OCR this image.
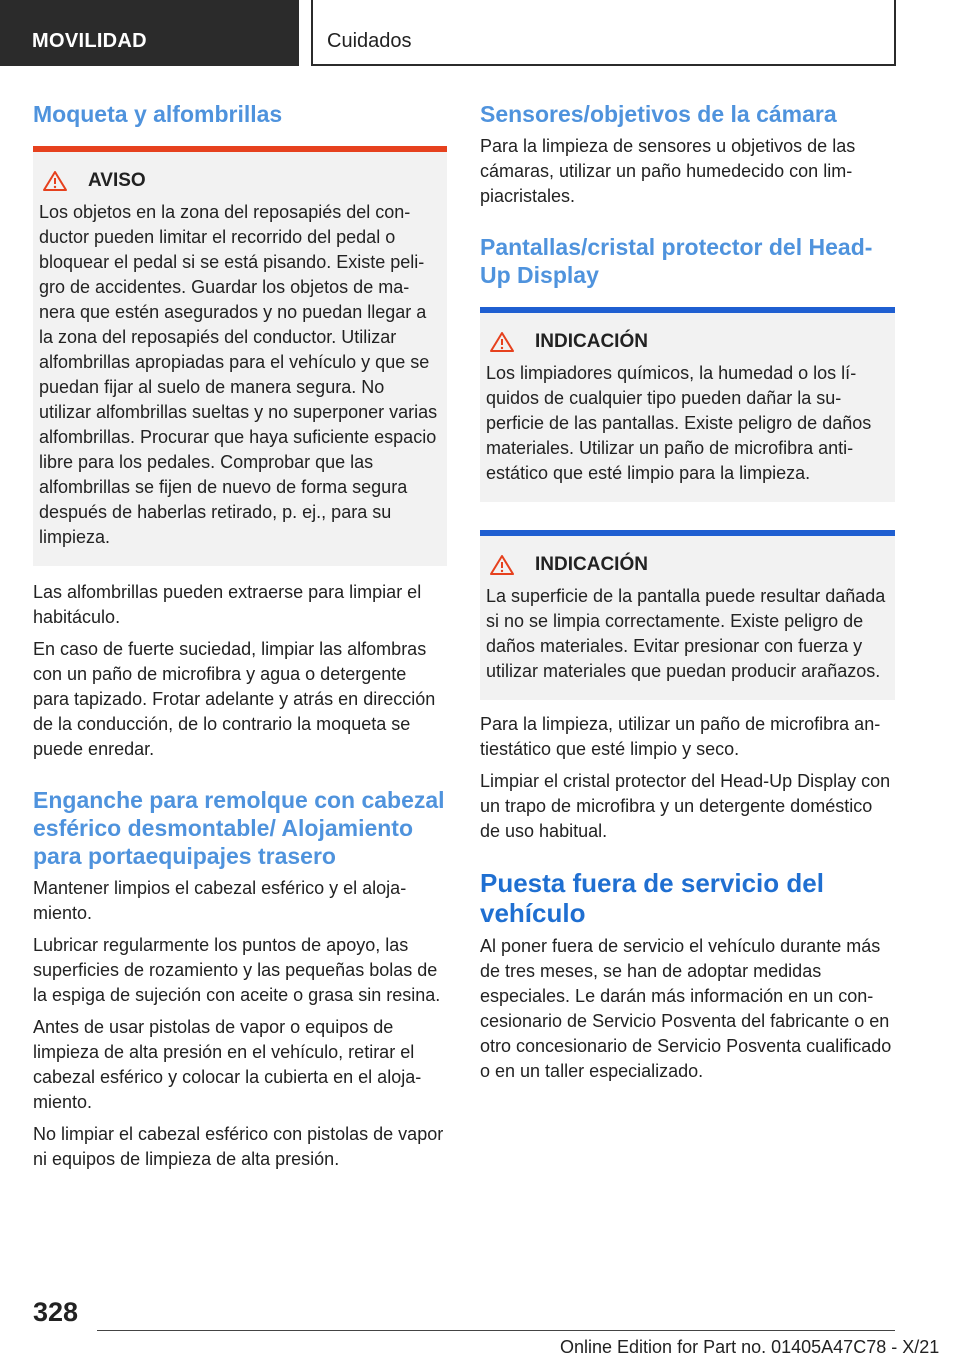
MOVILIDAD	Cuidados
Moqueta y alfombrillas
AVISO
Los objetos en la zona del reposapiés del conductor pueden limitar el recorrido del pedal o bloquear el pedal si se está pisando. Existe peligro de accidentes. Guardar los objetos de manera que estén asegurados y no puedan llegar a la zona del reposapiés del conductor. Utilizar alfombrillas apropiadas para el vehículo y que se puedan fijar al suelo de manera segura. No utilizar alfombrillas sueltas y no superponer varias alfombrillas. Procurar que haya suficiente espacio libre para los pedales. Comprobar que las alfombrillas se fijen de nuevo de forma segura después de haberlas retirado, p. ej., para su limpieza.

Las alfombrillas pueden extraerse para limpiar el habitáculo.

En caso de fuerte suciedad, limpiar las alfombras con un paño de microfibra y agua o detergente para tapizado. Frotar adelante y atrás en dirección de la conducción, de lo contrario la moqueta se puede enredar.

Enganche para remolque con cabezal esférico desmontable/ Alojamiento para portaequipajes trasero

Mantener limpios el cabezal esférico y el alojamiento.

Lubricar regularmente los puntos de apoyo, las superficies de rozamiento y las pequeñas bolas de la espiga de sujeción con aceite o grasa sin resina.

Antes de usar pistolas de vapor o equipos de limpieza de alta presión en el vehículo, retirar el cabezal esférico y colocar la cubierta en el alojamiento.

No limpiar el cabezal esférico con pistolas de vapor ni equipos de limpieza de alta presión.

Sensores/objetivos de la cámara

Para la limpieza de sensores u objetivos de las cámaras, utilizar un paño humedecido con limpiacristales.

Pantallas/cristal protector del Head-Up Display
INDICACIÓN
Los limpiadores químicos, la humedad o los líquidos de cualquier tipo pueden dañar la superficie de las pantallas. Existe peligro de daños materiales. Utilizar un paño de microfibra antiestático que esté limpio para la limpieza.
INDICACIÓN
La superficie de la pantalla puede resultar dañada si no se limpia correctamente. Existe peligro de daños materiales. Evitar presionar con fuerza y utilizar materiales que puedan producir arañazos.

Para la limpieza, utilizar un paño de microfibra antiestático que esté limpio y seco.

Limpiar el cristal protector del Head-Up Display con un trapo de microfibra y un detergente doméstico de uso habitual.

Puesta fuera de servicio del vehículo

Al poner fuera de servicio el vehículo durante más de tres meses, se han de adoptar medidas especiales. Le darán más información en un concesionario de Servicio Posventa del fabricante o en otro concesionario de Servicio Posventa cualificado o en un taller especializado.

328
Online Edition for Part no. 01405A47C78 - X/21
